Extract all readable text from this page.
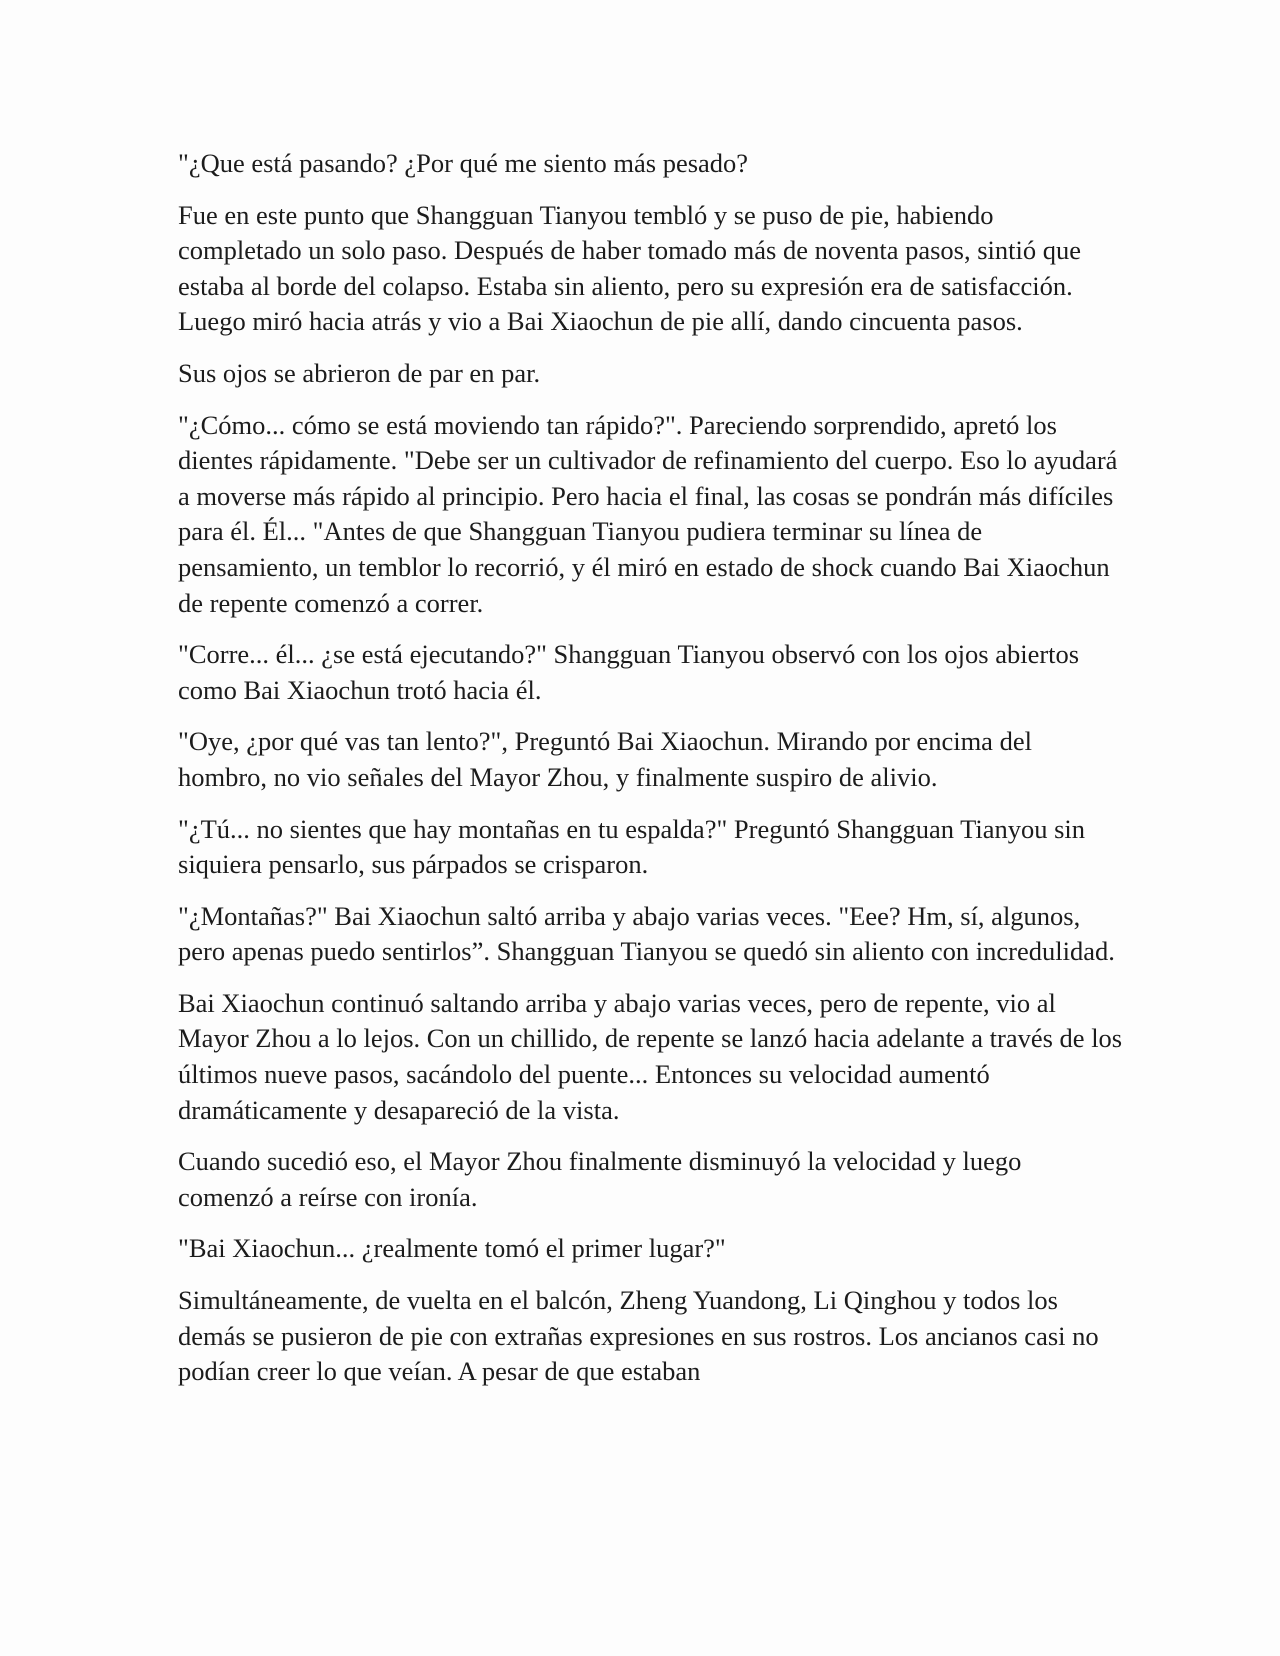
"¿Que está pasando? ¿Por qué me siento más pesado?

Fue en este punto que Shangguan Tianyou tembló y se puso de pie, habiendo completado un solo paso. Después de haber tomado más de noventa pasos, sintió que estaba al borde del colapso. Estaba sin aliento, pero su expresión era de satisfacción. Luego miró hacia atrás y vio a Bai Xiaochun de pie allí, dando cincuenta pasos.

Sus ojos se abrieron de par en par.

"¿Cómo... cómo se está moviendo tan rápido?". Pareciendo sorprendido, apretó los dientes rápidamente. "Debe ser un cultivador de refinamiento del cuerpo. Eso lo ayudará a moverse más rápido al principio. Pero hacia el final, las cosas se pondrán más difíciles para él. Él... "Antes de que Shangguan Tianyou pudiera terminar su línea de pensamiento, un temblor lo recorrió, y él miró en estado de shock cuando Bai Xiaochun de repente comenzó a correr.

"Corre... él... ¿se está ejecutando?" Shangguan Tianyou observó con los ojos abiertos como Bai Xiaochun trotó hacia él.

"Oye, ¿por qué vas tan lento?", Preguntó Bai Xiaochun. Mirando por encima del hombro, no vio señales del Mayor Zhou, y finalmente suspiro de alivio.

"¿Tú... no sientes que hay montañas en tu espalda?" Preguntó Shangguan Tianyou sin siquiera pensarlo, sus párpados se crisparon.

"¿Montañas?" Bai Xiaochun saltó arriba y abajo varias veces. "Eee? Hm, sí, algunos, pero apenas puedo sentirlos”. Shangguan Tianyou se quedó sin aliento con incredulidad.

Bai Xiaochun continuó saltando arriba y abajo varias veces, pero de repente, vio al Mayor Zhou a lo lejos. Con un chillido, de repente se lanzó hacia adelante a través de los últimos nueve pasos, sacándolo del puente... Entonces su velocidad aumentó dramáticamente y desapareció de la vista.

Cuando sucedió eso, el Mayor Zhou finalmente disminuyó la velocidad y luego comenzó a reírse con ironía.

"Bai Xiaochun... ¿realmente tomó el primer lugar?"

Simultáneamente, de vuelta en el balcón, Zheng Yuandong, Li Qinghou y todos los demás se pusieron de pie con extrañas expresiones en sus rostros. Los ancianos casi no podían creer lo que veían. A pesar de que estaban
